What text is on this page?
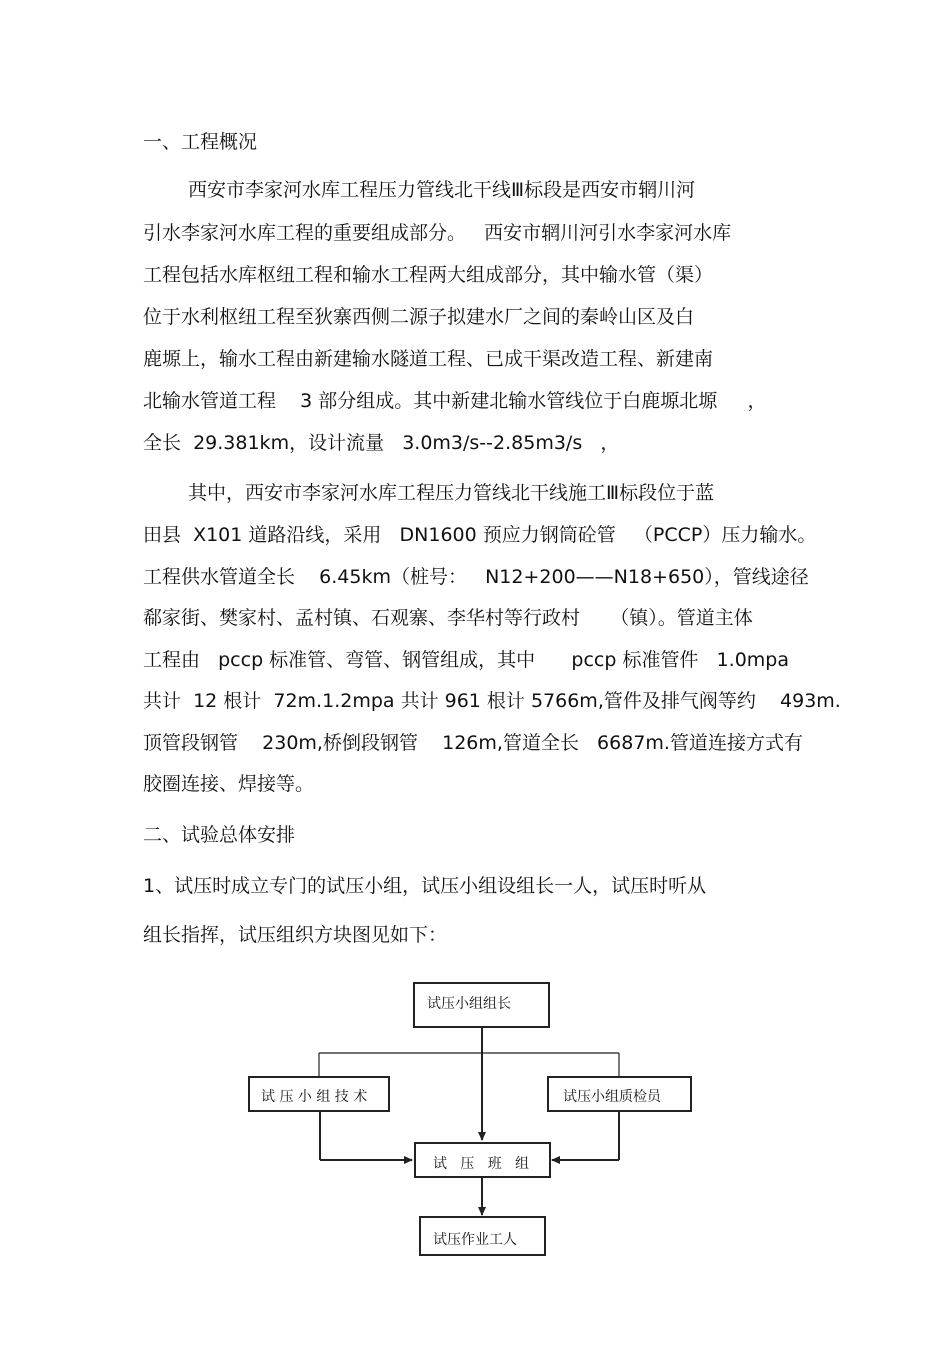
一、工程概况

西安市李家河水库工程压力管线北干线Ⅲ标段是西安市辋川河

引水李家河水库工程的重要组成部分。   西安市辋川河引水李家河水库

工程包括水库枢纽工程和输水工程两大组成部分，其中输水管（渠）

位于水利枢纽工程至狄寨西侧二源子拟建水厂之间的秦岭山区及白

鹿塬上，输水工程由新建输水隧道工程、已成干渠改造工程、新建南

北输水管道工程    3 部分组成。其中新建北输水管线位于白鹿塬北塬     ，

全长  29.381km，设计流量   3.0m3/s--2.85m3/s   ，

其中，西安市李家河水库工程压力管线北干线施工Ⅲ标段位于蓝

田县  X101 道路沿线，采用   DN1600 预应力钢筒砼管   （PCCP）压力输水。

工程供水管道全长    6.45km（桩号：   N12+200——N18+650），管线途径

郗家街、樊家村、孟村镇、石观寨、李华村等行政村     （镇）。管道主体

工程由   pccp 标准管、弯管、钢管组成，其中      pccp 标准管件   1.0mpa

共计  12 根计  72m.1.2mpa 共计 961 根计 5766m,管件及排气阀等约    493m.

顶管段钢管    230m,桥倒段钢管    126m,管道全长   6687m.管道连接方式有

胶圈连接、焊接等。

二、试验总体安排

1、试压时成立专门的试压小组，试压小组设组长一人，试压时听从

组长指挥，试压组织方块图见如下：

试压小组组长
试 压 小 组 技 术	试压小组质检员
试   压   班   组
试压作业工人
